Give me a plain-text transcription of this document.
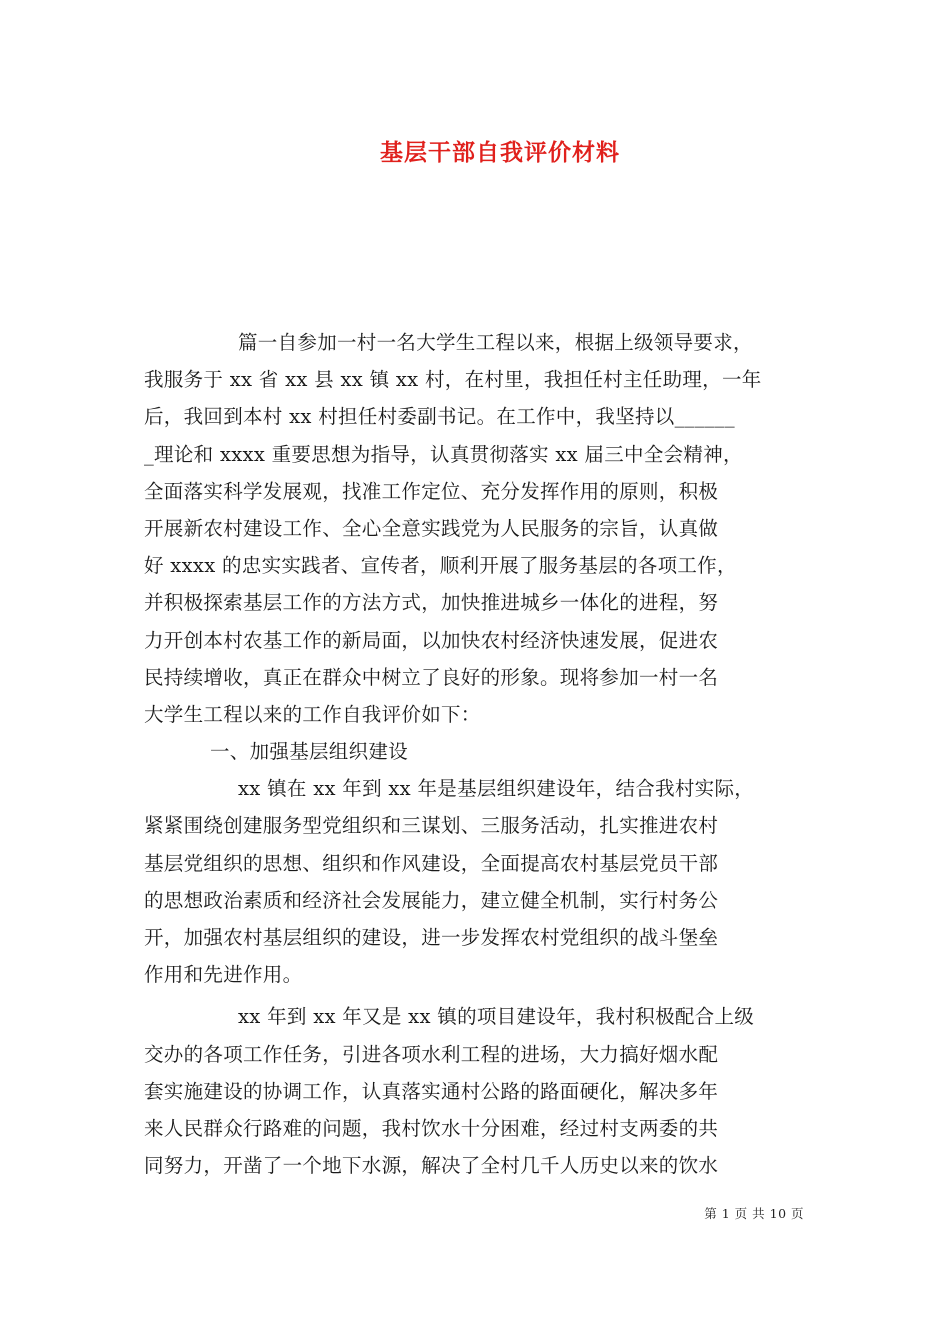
基层干部自我评价材料
篇一自参加一村一名大学生工程以来，根据上级领导要求，
我服务于 xx 省 xx 县 xx 镇 xx 村，在村里，我担任村主任助理，一年
后，我回到本村 xx 村担任村委副书记。在工作中，我坚持以______
_理论和 xxxx 重要思想为指导，认真贯彻落实 xx 届三中全会精神，
全面落实科学发展观，找准工作定位、充分发挥作用的原则，积极
开展新农村建设工作、全心全意实践党为人民服务的宗旨，认真做
好 xxxx 的忠实实践者、宣传者，顺利开展了服务基层的各项工作，
并积极探索基层工作的方法方式，加快推进城乡一体化的进程，努
力开创本村农基工作的新局面，以加快农村经济快速发展，促进农
民持续增收，真正在群众中树立了良好的形象。现将参加一村一名
大学生工程以来的工作自我评价如下：
一、加强基层组织建设
xx 镇在 xx 年到 xx 年是基层组织建设年，结合我村实际，
紧紧围绕创建服务型党组织和三谋划、三服务活动，扎实推进农村
基层党组织的思想、组织和作风建设，全面提高农村基层党员干部
的思想政治素质和经济社会发展能力，建立健全机制，实行村务公
开，加强农村基层组织的建设，进一步发挥农村党组织的战斗堡垒
作用和先进作用。
xx 年到 xx 年又是 xx 镇的项目建设年，我村积极配合上级
交办的各项工作任务，引进各项水利工程的进场，大力搞好烟水配
套实施建设的协调工作，认真落实通村公路的路面硬化，解决多年
来人民群众行路难的问题，我村饮水十分困难，经过村支两委的共
同努力，开凿了一个地下水源，解决了全村几千人历史以来的饮水
第 1 页 共 10 页
